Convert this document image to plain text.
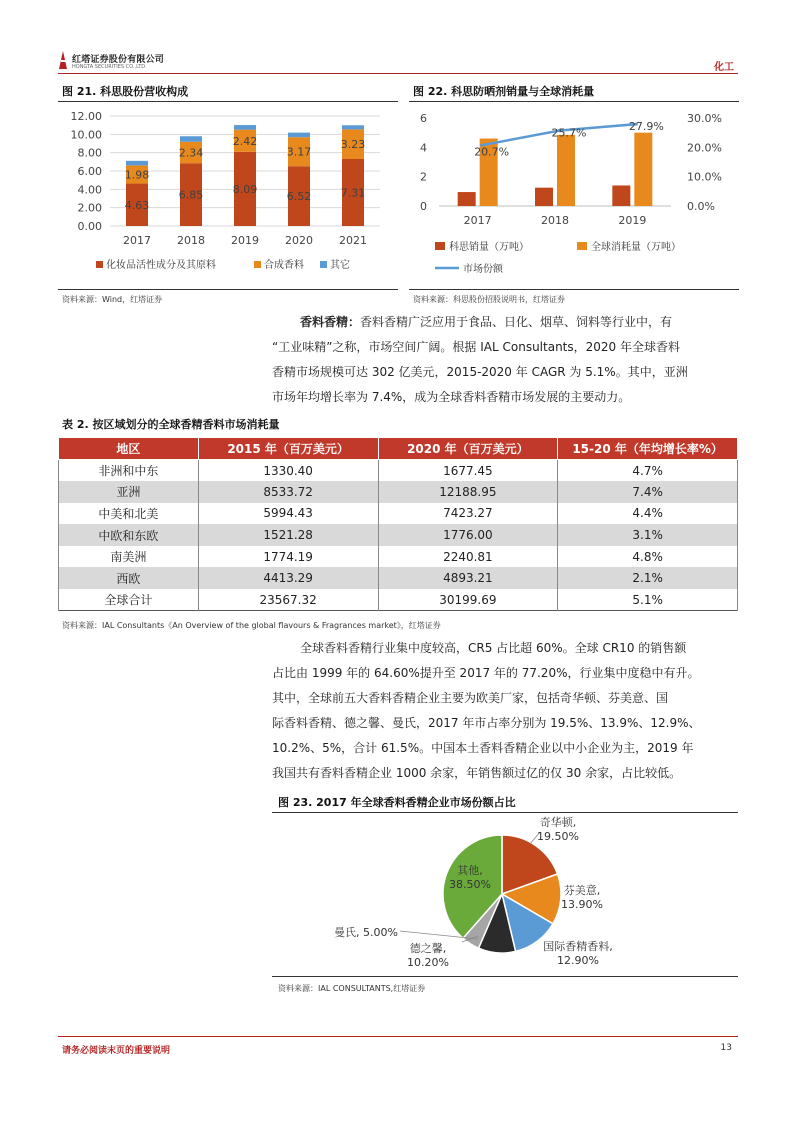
红塔证券股份有限公司
HONGTA SECURITIES CO.,LTD.	化工
图 21. 科思股份营收构成
0.00
2.00
4.00
6.00
8.00
10.00
12.00
4.63
1.98
2017
6.85
2.34
2018
8.09
2.42
2019
6.52
3.17
2020
7.31
3.23
2021
化妆品活性成分及其原料	合成香料	其它
资料来源：Wind，红塔证券
图 22. 科思防晒剂销量与全球消耗量
0
2
4
6
0.0%
10.0%
20.0%
30.0%
2017	2018	2019
20.7%
25.7%	27.9%
科思销量（万吨）	全球消耗量（万吨）
市场份额
资料来源：科思股份招股说明书，红塔证券
香料香精：香料香精广泛应用于食品、日化、烟草、饲料等行业中，有
“工业味精”之称，市场空间广阔。根据 IAL Consultants，2020 年全球香料
香精市场规模可达 302 亿美元，2015-2020 年 CAGR 为 5.1%。其中，亚洲
市场年均增长率为 7.4%，成为全球香料香精市场发展的主要动力。
表 2. 按区域划分的全球香精香料市场消耗量
地区	2015 年（百万美元）	2020 年（百万美元）	15-20 年（年均增长率%）
非洲和中东	1330.40	1677.45	4.7%
亚洲	8533.72	12188.95	7.4%
中美和北美	5994.43	7423.27	4.4%
中欧和东欧	1521.28	1776.00	3.1%
南美洲	1774.19	2240.81	4.8%
西欧	4413.29	4893.21	2.1%
全球合计	23567.32	30199.69	5.1%
资料来源：IAL Consultants《An Overview of the global flavours & Fragrances market》，红塔证券
全球香料香精行业集中度较高，CR5 占比超 60%。全球 CR10 的销售额
占比由 1999 年的 64.60%提升至 2017 年的 77.20%，行业集中度稳中有升。
其中，全球前五大香料香精企业主要为欧美厂家，包括奇华顿、芬美意、国
际香料香精、德之馨、曼氏，2017 年市占率分别为 19.5%、13.9%、12.9%、
10.2%、5%，合计 61.5%。中国本土香料香精企业以中小企业为主，2019 年
我国共有香料香精企业 1000 余家，年销售额过亿的仅 30 余家，占比较低。
图 23. 2017 年全球香料香精企业市场份额占比
奇华顿,
19.50%
芬美意,
13.90%
国际香精香料,
12.90%
德之馨,
10.20%
曼氏, 5.00%
其他,
38.50%
资料来源：IAL CONSULTANTS,红塔证券
请务必阅读末页的重要说明	13
